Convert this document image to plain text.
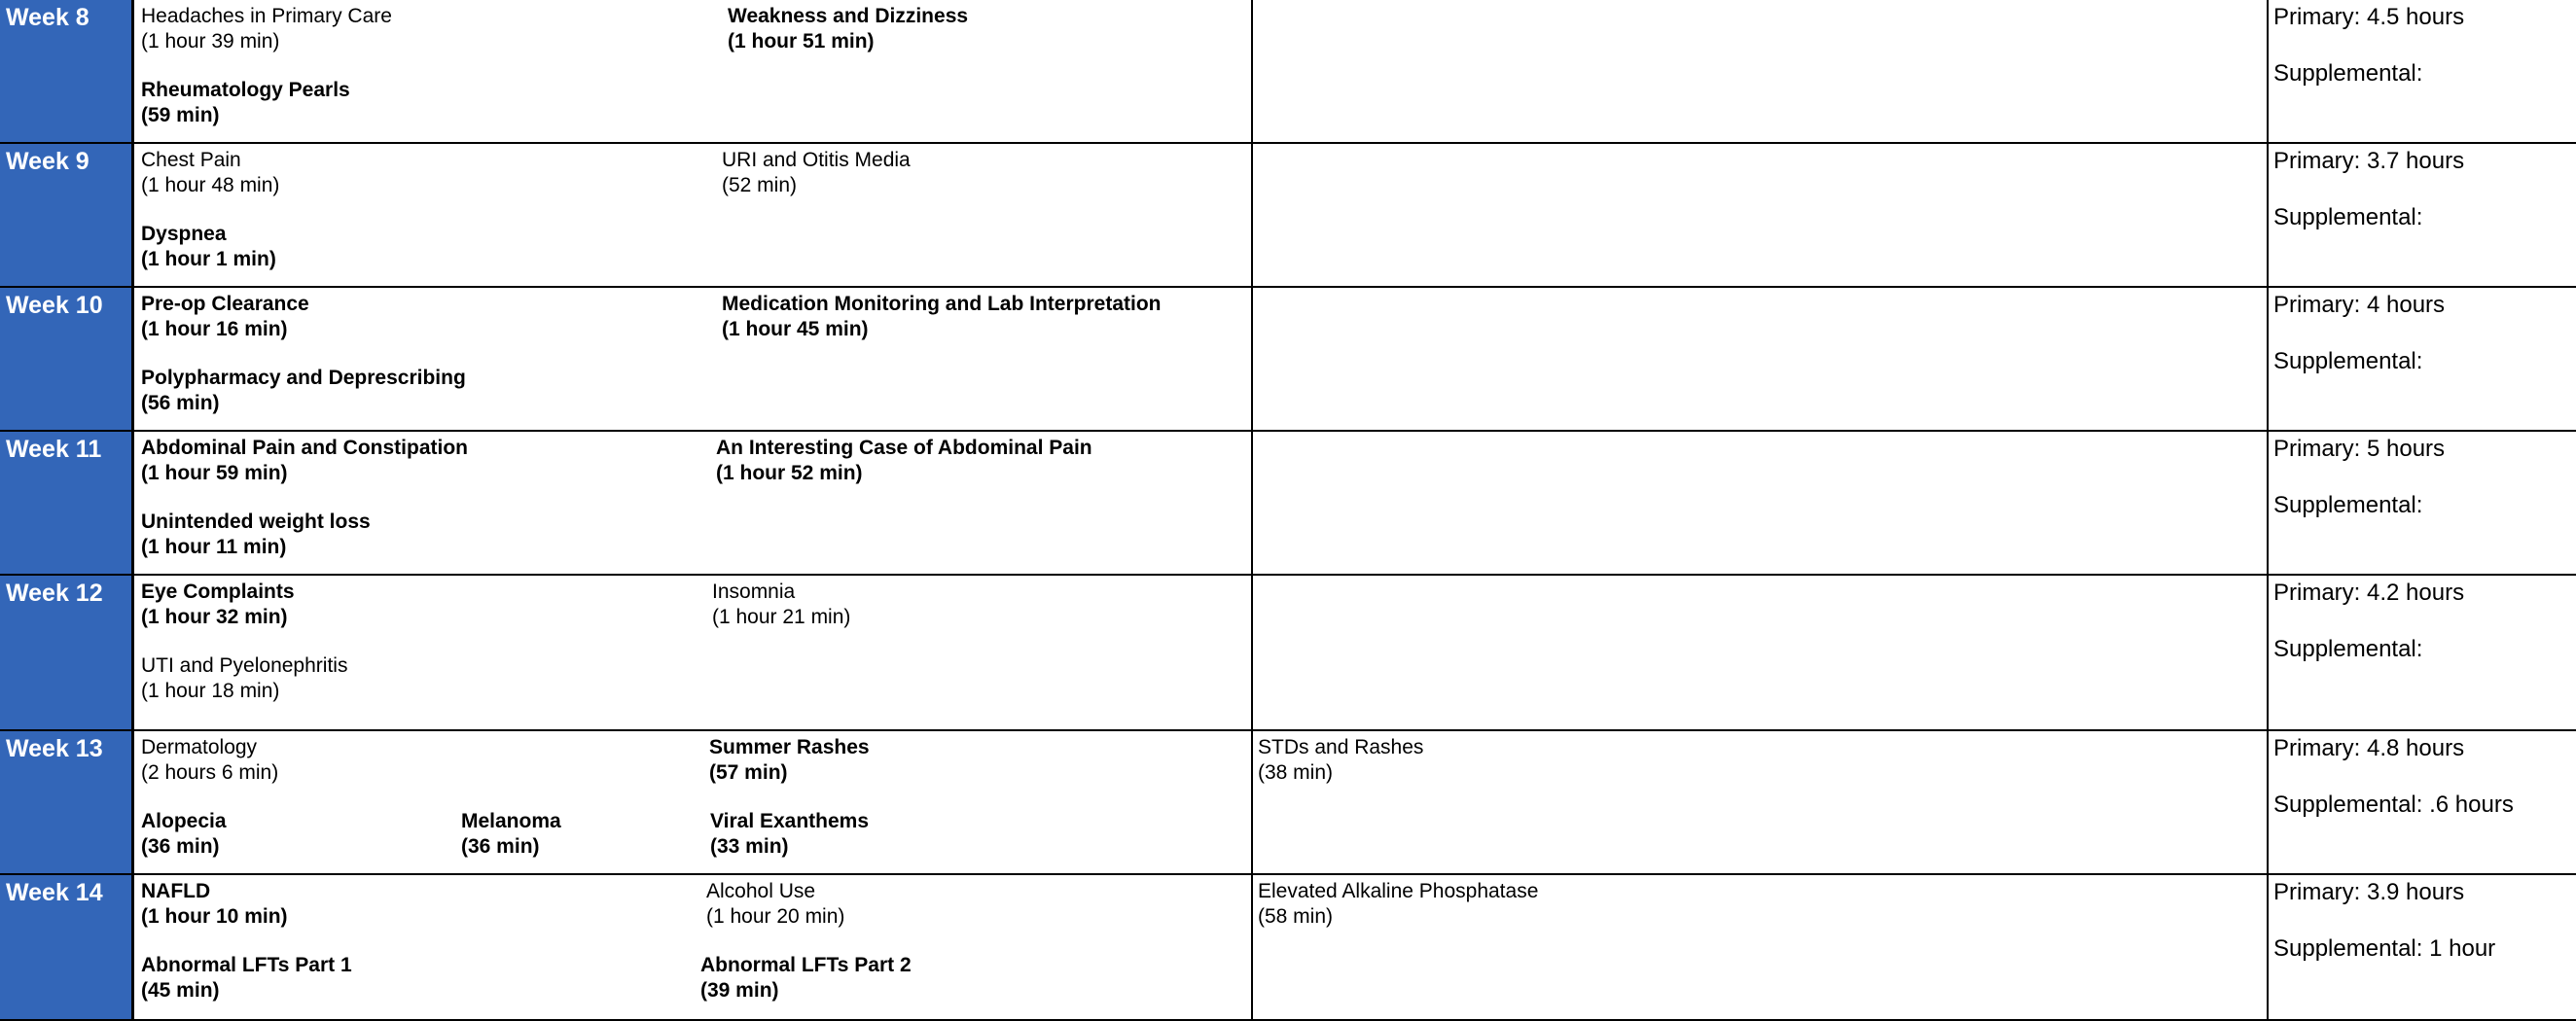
Week 8	Headaches in Primary Care
(1 hour 39 min)
Weakness and Dizziness
(1 hour 51 min)
Rheumatology Pearls
(59 min)
Primary: 4.5 hours
Supplemental:
Week 9	Chest Pain
(1 hour 48 min)
URI and Otitis Media
(52 min)
Dyspnea
(1 hour 1 min)
Primary: 3.7 hours
Supplemental:
Week 10 Pre-op Clearance
(1 hour 16 min)
Medication Monitoring and Lab Interpretation
(1 hour 45 min)
Polypharmacy and Deprescribing
(56 min)
Primary: 4 hours
Supplemental:
Week 11 Abdominal Pain and Constipation
(1 hour 59 min)
An Interesting Case of Abdominal Pain
(1 hour 52 min)
Unintended weight loss
(1 hour 11 min)
Primary: 5 hours
Supplemental:
Week 12 Eye Complaints
(1 hour 32 min)
Insomnia
(1 hour 21 min)
UTI and Pyelonephritis
(1 hour 18 min)
Primary: 4.2 hours
Supplemental:
Week 13 Dermatology
(2 hours 6 min)
Summer Rashes
(57 min)
STDs and Rashes
(38 min)
Alopecia
(36 min)
Melanoma
(36 min)
Viral Exanthems
(33 min)
Primary: 4.8 hours
Supplemental: .6 hours
Week 14 NAFLD
(1 hour 10 min)
Alcohol Use
(1 hour 20 min)
Elevated Alkaline Phosphatase
(58 min)
Abnormal LFTs Part 1
(45 min)
Abnormal LFTs Part 2
(39 min)
Primary: 3.9 hours
Supplemental: 1 hour
